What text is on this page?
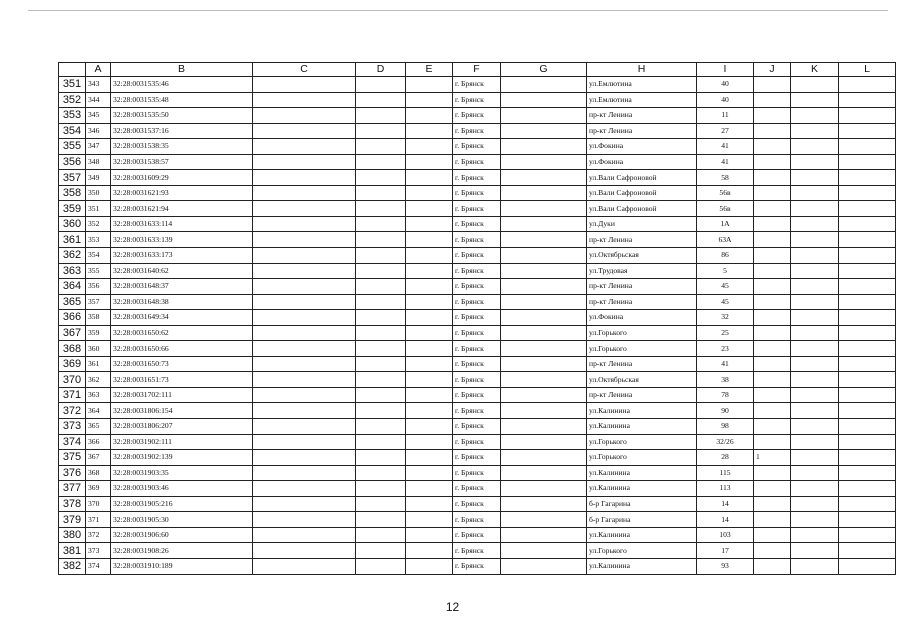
	A	B	C	D	E	F	G	H	I	J	K	L
351	343	32:28:0031535:46				г. Брянск		ул.Емлютина	40			
352	344	32:28:0031535:48				г. Брянск		ул.Емлютина	40			
353	345	32:28:0031535:50				г. Брянск		пр-кт Ленина	11			
354	346	32:28:0031537:16				г. Брянск		пр-кт Ленина	27			
355	347	32:28:0031538:35				г. Брянск		ул.Фокина	41			
356	348	32:28:0031538:57				г. Брянск		ул.Фокина	41			
357	349	32:28:0031609:29				г. Брянск		ул.Вали Сафроновой	58			
358	350	32:28:0031621:93				г. Брянск		ул.Вали Сафроновой	56в			
359	351	32:28:0031621:94				г. Брянск		ул.Вали Сафроновой	56в			
360	352	32:28:0031633:114				г. Брянск		ул.Дуки	1А			
361	353	32:28:0031633:139				г. Брянск		пр-кт Ленина	63А			
362	354	32:28:0031633:173				г. Брянск		ул.Октябрьская	86			
363	355	32:28:0031640:62				г. Брянск		ул.Трудовая	5			
364	356	32:28:0031648:37				г. Брянск		пр-кт Ленина	45			
365	357	32:28:0031648:38				г. Брянск		пр-кт Ленина	45			
366	358	32:28:0031649:34				г. Брянск		ул.Фокина	32			
367	359	32:28:0031650:62				г. Брянск		ул.Горького	25			
368	360	32:28:0031650:66				г. Брянск		ул.Горького	23			
369	361	32:28:0031650:73				г. Брянск		пр-кт Ленина	41			
370	362	32:28:0031651:73				г. Брянск		ул.Октябрьская	38			
371	363	32:28:0031702:111				г. Брянск		пр-кт Ленина	78			
372	364	32:28:0031806:154				г. Брянск		ул.Калинина	90			
373	365	32:28:0031806:207				г. Брянск		ул.Калинина	98			
374	366	32:28:0031902:111				г. Брянск		ул.Горького	32/26			
375	367	32:28:0031902:139				г. Брянск		ул.Горького	28	1		
376	368	32:28:0031903:35				г. Брянск		ул.Калинина	115			
377	369	32:28:0031903:46				г. Брянск		ул.Калинина	113			
378	370	32:28:0031905:216				г. Брянск		б-р Гагарина	14			
379	371	32:28:0031905:30				г. Брянск		б-р Гагарина	14			
380	372	32:28:0031906:60				г. Брянск		ул.Калинина	103			
381	373	32:28:0031908:26				г. Брянск		ул.Горького	17			
382	374	32:28:0031910:189				г. Брянск		ул.Калинина	93			
12
